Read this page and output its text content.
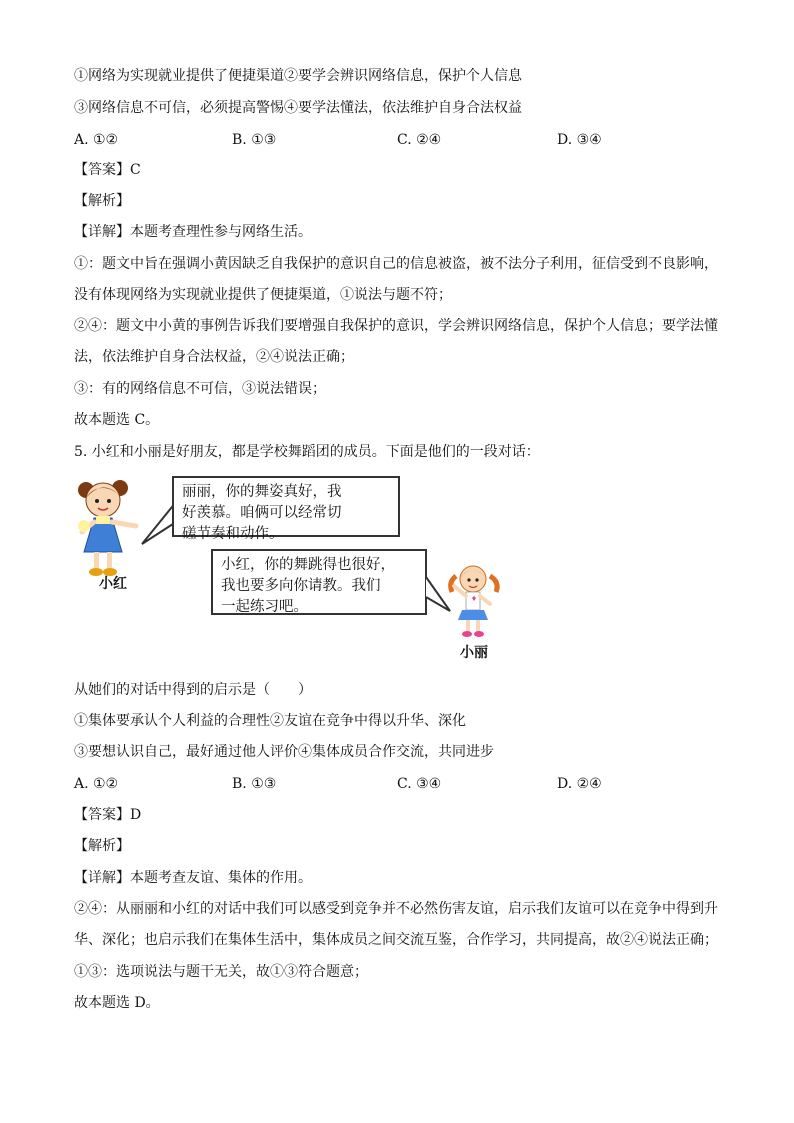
①网络为实现就业提供了便捷渠道②要学会辨识网络信息，保护个人信息
③网络信息不可信，必须提高警惕④要学法懂法，依法维护自身合法权益
A. ①②	B. ①③	C. ②④	D. ③④
【答案】C
【解析】
【详解】本题考查理性参与网络生活。
①：题文中旨在强调小黄因缺乏自我保护的意识自己的信息被盗，被不法分子利用，征信受到不良影响，
没有体现网络为实现就业提供了便捷渠道，①说法与题不符；
②④：题文中小黄的事例告诉我们要增强自我保护的意识，学会辨识网络信息，保护个人信息；要学法懂
法，依法维护自身合法权益，②④说法正确；
③：有的网络信息不可信，③说法错误；
故本题选 C。
5. 小红和小丽是好朋友，都是学校舞蹈团的成员。下面是他们的一段对话：
小红
丽丽，你的舞姿真好，我
好羡慕。咱俩可以经常切
磋节奏和动作。
小红，你的舞跳得也很好，
我也要多向你请教。我们
一起练习吧。
小丽
从她们的对话中得到的启示是（　　）
①集体要承认个人利益的合理性②友谊在竞争中得以升华、深化
③要想认识自己，最好通过他人评价④集体成员合作交流，共同进步
A. ①②	B. ①③	C. ③④	D. ②④
【答案】D
【解析】
【详解】本题考查友谊、集体的作用。
②④：从丽丽和小红的对话中我们可以感受到竞争并不必然伤害友谊，启示我们友谊可以在竞争中得到升
华、深化；也启示我们在集体生活中，集体成员之间交流互鉴，合作学习，共同提高，故②④说法正确；
①③：选项说法与题干无关，故①③符合题意；
故本题选 D。
